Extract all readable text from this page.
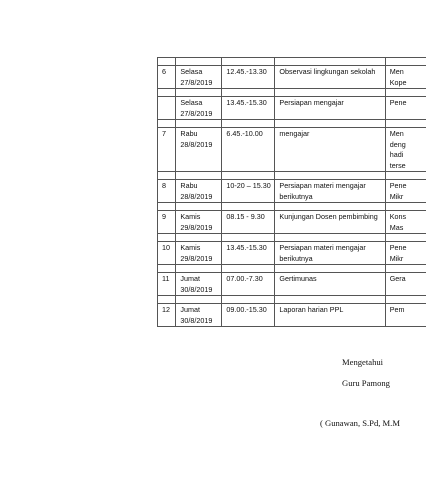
6	Selasa
27/8/2019	12.45.-13.30	Observasi lingkungan sekolah	Men
Kope

	Selasa
27/8/2019	13.45.-15.30	Persiapan mengajar	Pene

7	Rabu
28/8/2019	6.45.-10.00	mengajar	Men
deng
hadi
terse

8	Rabu
28/8/2019	10-20 – 15.30	Persiapan materi mengajar
berikutnya	Pene
Mikr

9	Kamis
29/8/2019	08.15 - 9.30	Kunjungan Dosen pembimbing	Kons
Mas

10	Kamis
29/8/2019	13.45.-15.30	Persiapan materi mengajar
berikutnya	Pene
Mikr

11	Jumat
30/8/2019	07.00.-7.30	Gertimunas	Gera

12	Jumat
30/8/2019	09.00.-15.30	Laporan harian PPL	Pem
Mengetahui
Guru Pamong
( Gunawan, S.Pd, M.M
